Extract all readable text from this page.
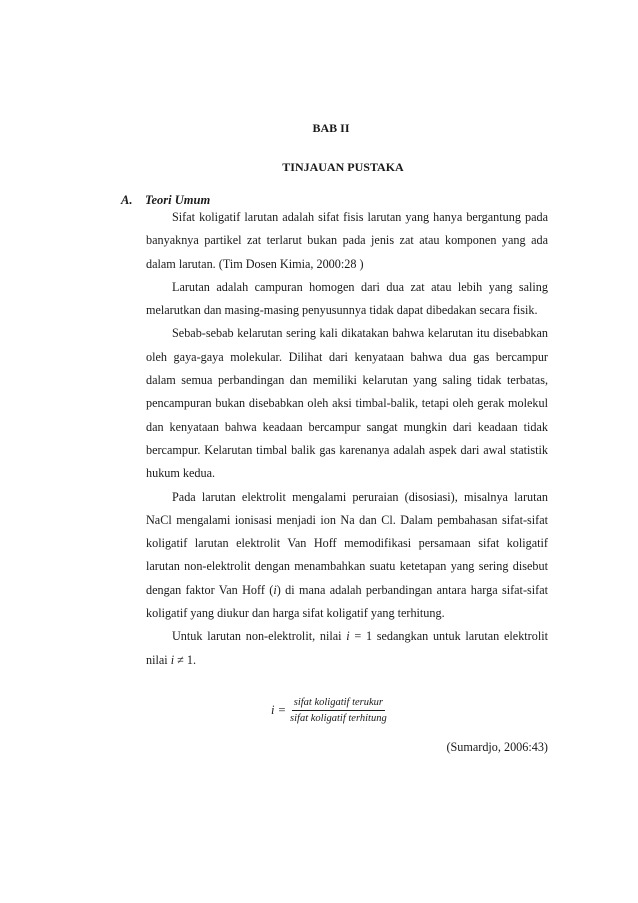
BAB II
TINJAUAN PUSTAKA
A. Teori Umum

Sifat koligatif larutan adalah sifat fisis larutan yang hanya bergantung pada banyaknya partikel zat terlarut bukan pada jenis zat atau komponen yang ada dalam larutan. (Tim Dosen Kimia, 2000:28 )

Larutan adalah campuran homogen dari dua zat atau lebih yang saling melarutkan dan masing-masing penyusunnya tidak dapat dibedakan secara fisik.

Sebab-sebab kelarutan sering kali dikatakan bahwa kelarutan itu disebabkan oleh gaya-gaya molekular. Dilihat dari kenyataan bahwa dua gas bercampur dalam semua perbandingan dan memiliki kelarutan yang saling tidak terbatas, pencampuran bukan disebabkan oleh aksi timbal-balik, tetapi oleh gerak molekul dan kenyataan bahwa keadaan bercampur sangat mungkin dari keadaan tidak bercampur. Kelarutan timbal balik gas karenanya adalah aspek dari awal statistik hukum kedua.

Pada larutan elektrolit mengalami peruraian (disosiasi), misalnya larutan NaCl mengalami ionisasi menjadi ion Na dan Cl. Dalam pembahasan sifat-sifat koligatif larutan elektrolit Van Hoff memodifikasi persamaan sifat koligatif larutan non-elektrolit dengan menambahkan suatu ketetapan yang sering disebut dengan faktor Van Hoff (i) di mana adalah perbandingan antara harga sifat-sifat koligatif yang diukur dan harga sifat koligatif yang terhitung.

Untuk larutan non-elektrolit, nilai i = 1 sedangkan untuk larutan elektrolit nilai i ≠ 1.

$i = \frac{\text{sifat koligatif terukur}}{\text{sifat koligatif terhitung}}$
(Sumardjo, 2006:43)
